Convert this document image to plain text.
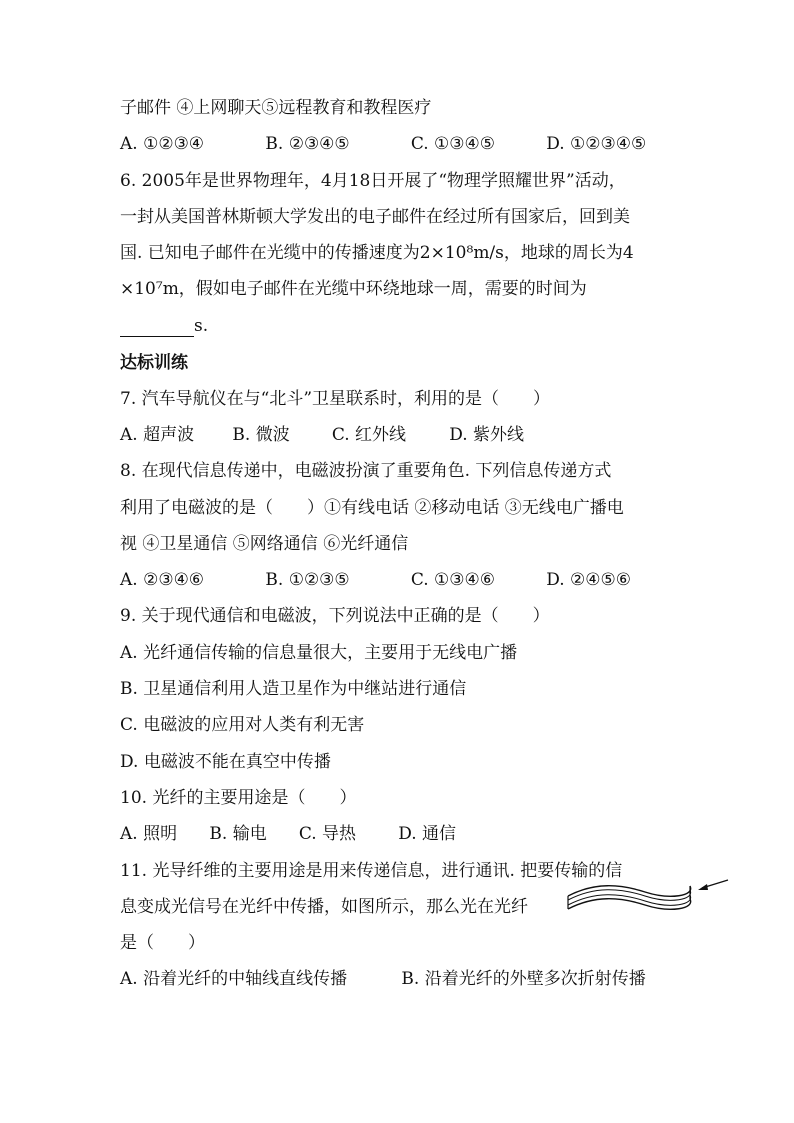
子邮件 ④上网聊天⑤远程教育和教程医疗
A. ①②③④	B. ②③④⑤	C. ①③④⑤	D. ①②③④⑤
6. 2005年是世界物理年，4月18日开展了“物理学照耀世界”活动，
一封从美国普林斯顿大学发出的电子邮件在经过所有国家后，回到美
国. 已知电子邮件在光缆中的传播速度为2×10⁸m/s，地球的周长为4
×10⁷m，假如电子邮件在光缆中环绕地球一周，需要的时间为
s.
达标训练
7. 汽车导航仪在与“北斗”卫星联系时，利用的是（　　）
A. 超声波 B. 微波 C. 红外线	D. 紫外线
8. 在现代信息传递中，电磁波扮演了重要角色. 下列信息传递方式
利用了电磁波的是（　　）①有线电话 ②移动电话 ③无线电广播电
视 ④卫星通信 ⑤网络通信 ⑥光纤通信
A. ②③④⑥	B. ①②③⑤	C. ①③④⑥	D. ②④⑤⑥
9. 关于现代通信和电磁波，下列说法中正确的是（　　）
A. 光纤通信传输的信息量很大，主要用于无线电广播
B. 卫星通信利用人造卫星作为中继站进行通信
C. 电磁波的应用对人类有利无害
D. 电磁波不能在真空中传播
10. 光纤的主要用途是（　　）
A. 照明 B. 输电 C. 导热 D. 通信
11. 光导纤维的主要用途是用来传递信息，进行通讯. 把要传输的信
息变成光信号在光纤中传播，如图所示，那么光在光纤
是（　　）
A. 沿着光纤的中轴线直线传播	B. 沿着光纤的外壁多次折射传播
